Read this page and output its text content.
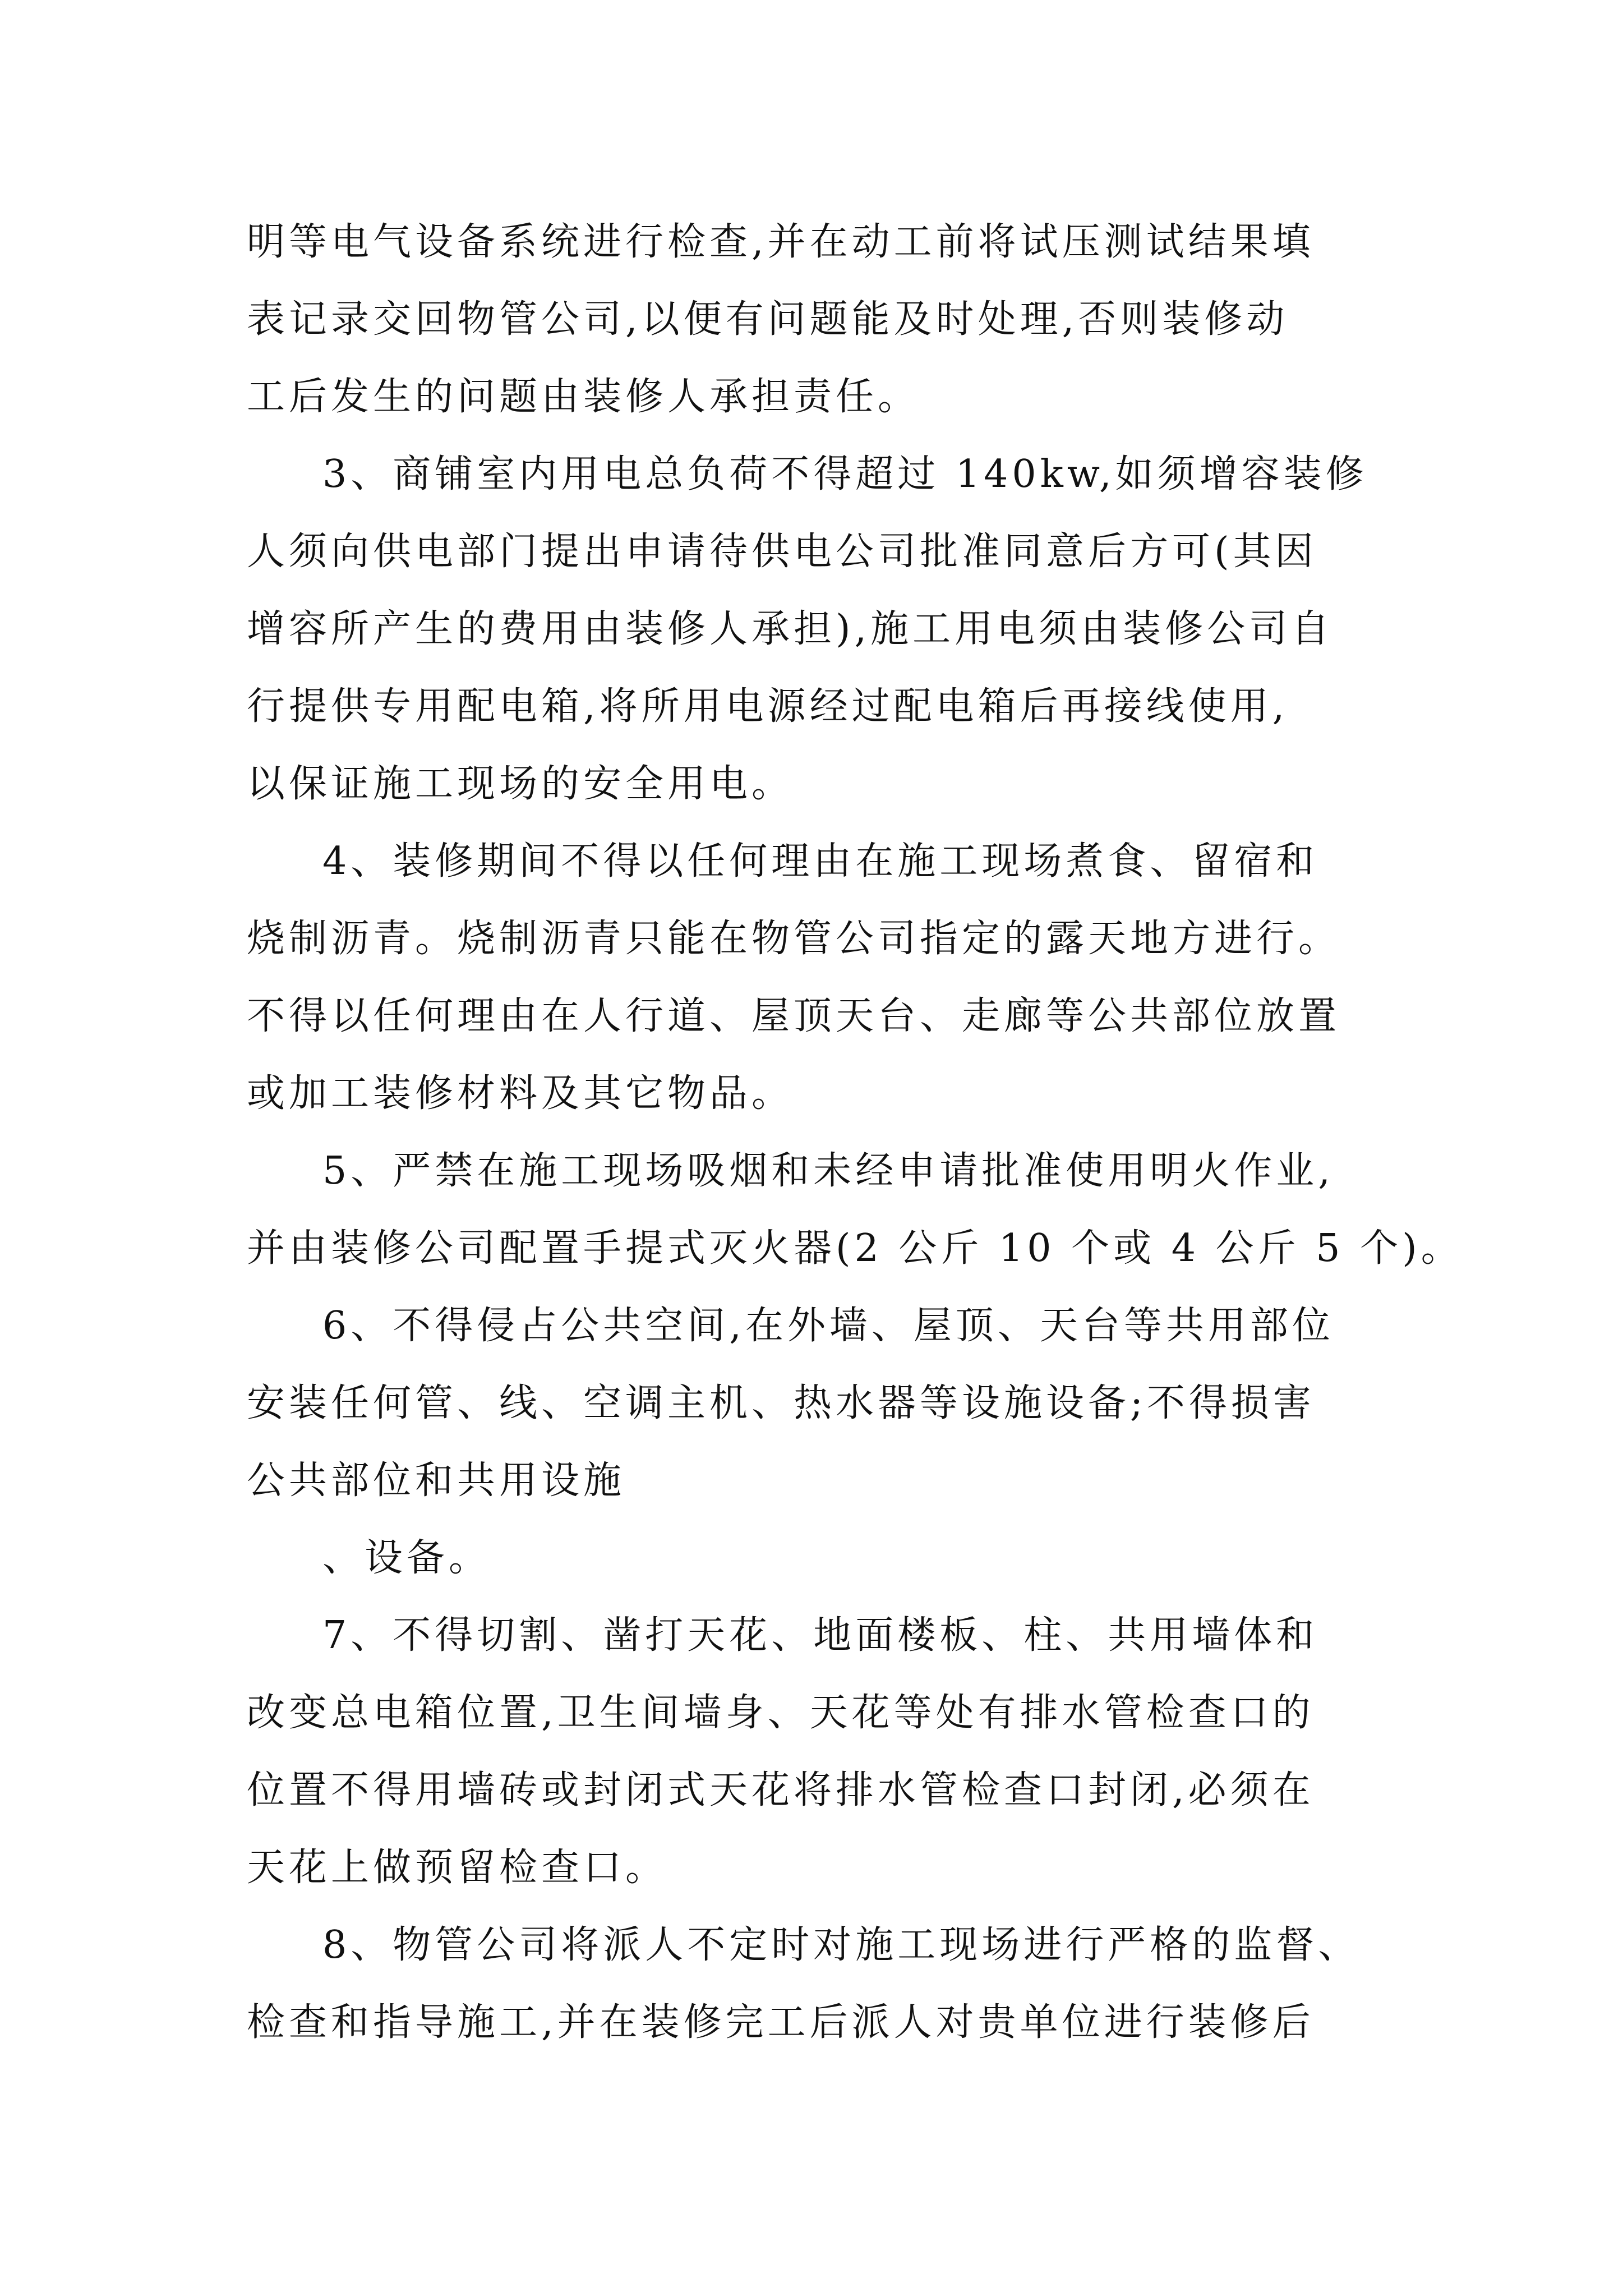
明等电气设备系统进行检查,并在动工前将试压测试结果填
表记录交回物管公司,以便有问题能及时处理,否则装修动
工后发生的问题由装修人承担责任。
3、商铺室内用电总负荷不得超过 140kw,如须增容装修
人须向供电部门提出申请待供电公司批准同意后方可(其因
增容所产生的费用由装修人承担),施工用电须由装修公司自
行提供专用配电箱,将所用电源经过配电箱后再接线使用,
以保证施工现场的安全用电。
4、装修期间不得以任何理由在施工现场煮食、留宿和
烧制沥青。烧制沥青只能在物管公司指定的露天地方进行。
不得以任何理由在人行道、屋顶天台、走廊等公共部位放置
或加工装修材料及其它物品。
5、严禁在施工现场吸烟和未经申请批准使用明火作业,
并由装修公司配置手提式灭火器(2 公斤 10 个或 4 公斤 5 个)。
6、不得侵占公共空间,在外墙、屋顶、天台等共用部位
安装任何管、线、空调主机、热水器等设施设备;不得损害
公共部位和共用设施
、设备。
7、不得切割、凿打天花、地面楼板、柱、共用墙体和
改变总电箱位置,卫生间墙身、天花等处有排水管检查口的
位置不得用墙砖或封闭式天花将排水管检查口封闭,必须在
天花上做预留检查口。
8、物管公司将派人不定时对施工现场进行严格的监督、
检查和指导施工,并在装修完工后派人对贵单位进行装修后
